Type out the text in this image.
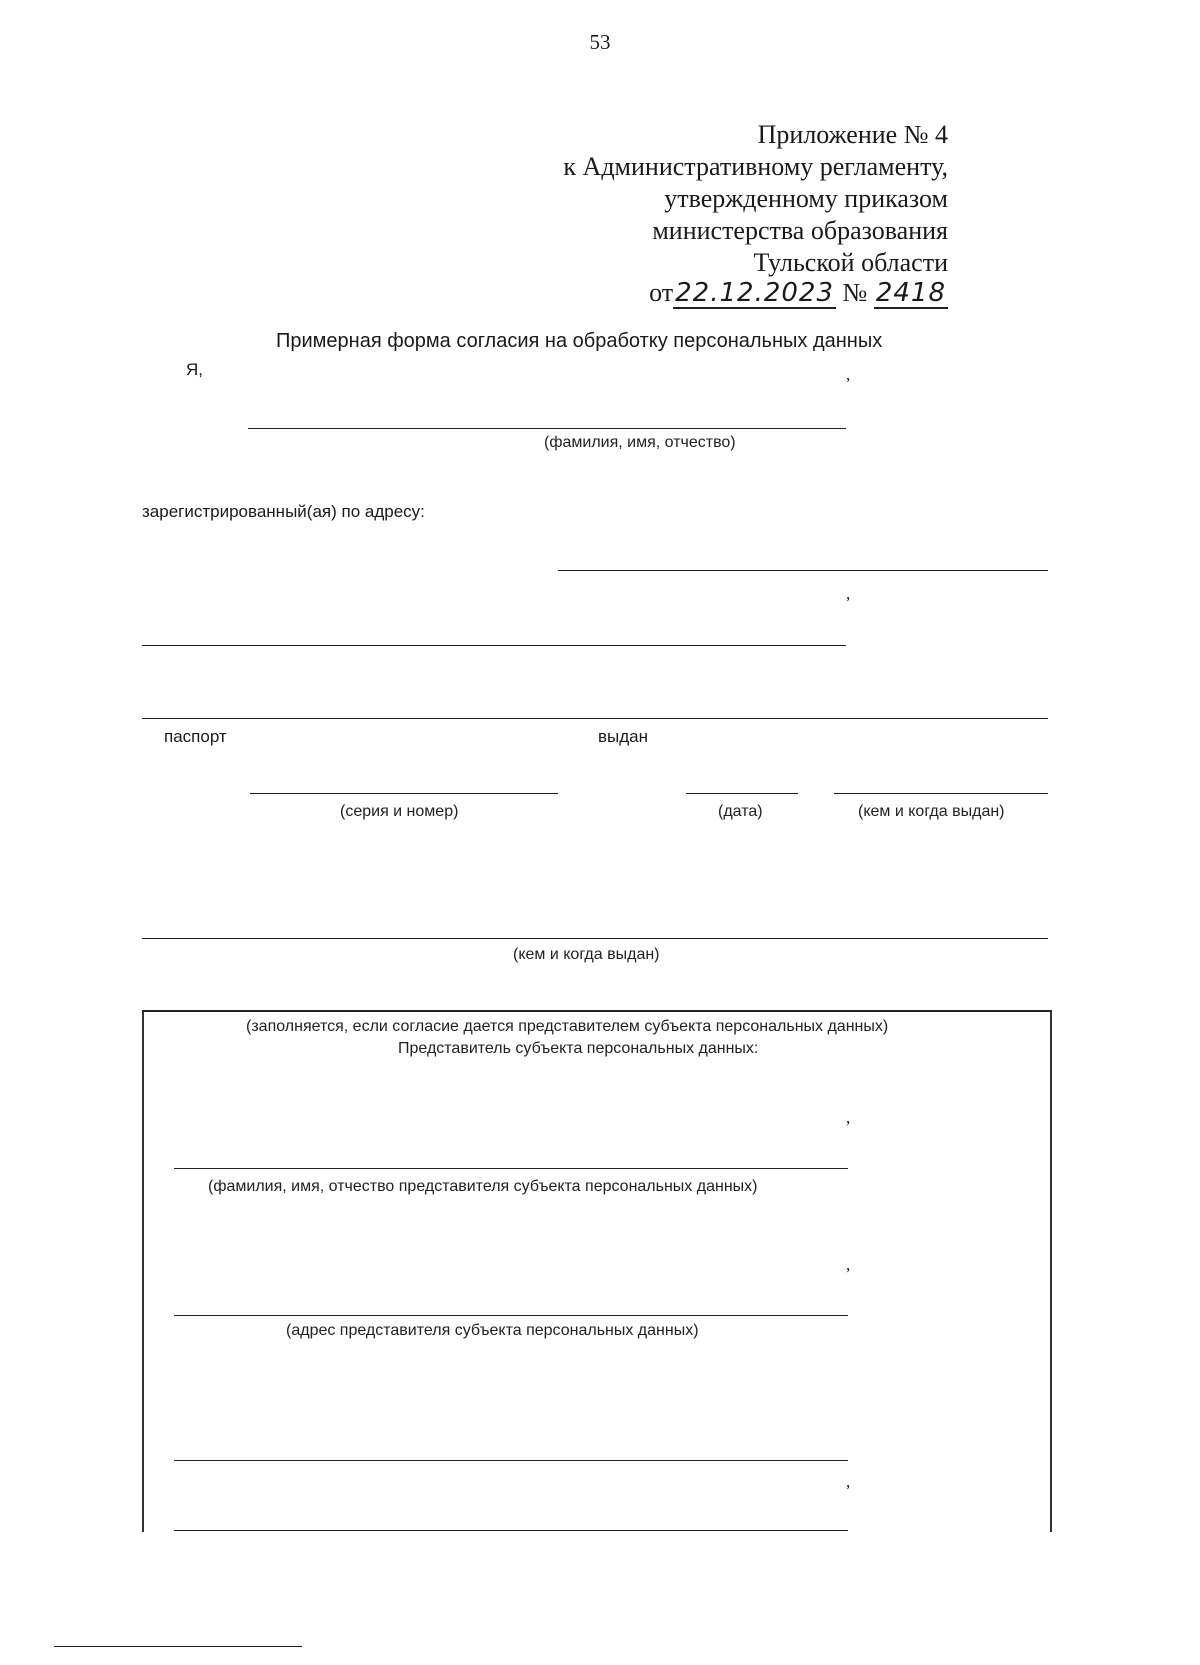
53
Приложение № 4
к Административному регламенту,
утвержденному приказом
министерства образования
Тульской области
от22.12.2023 № 2418
Примерная форма согласия на обработку персональных данных
Я,	,
(фамилия, имя, отчество)
зарегистрированный(ая) по адресу:
,
паспорт	выдан
(серия и номер)	(дата)	(кем и когда выдан)
(кем и когда выдан)
(заполняется, если согласие дается представителем субъекта персональных данных)
Представитель субъекта персональных данных:
,
(фамилия, имя, отчество представителя субъекта персональных данных)
,
(адрес представителя субъекта персональных данных)
,
